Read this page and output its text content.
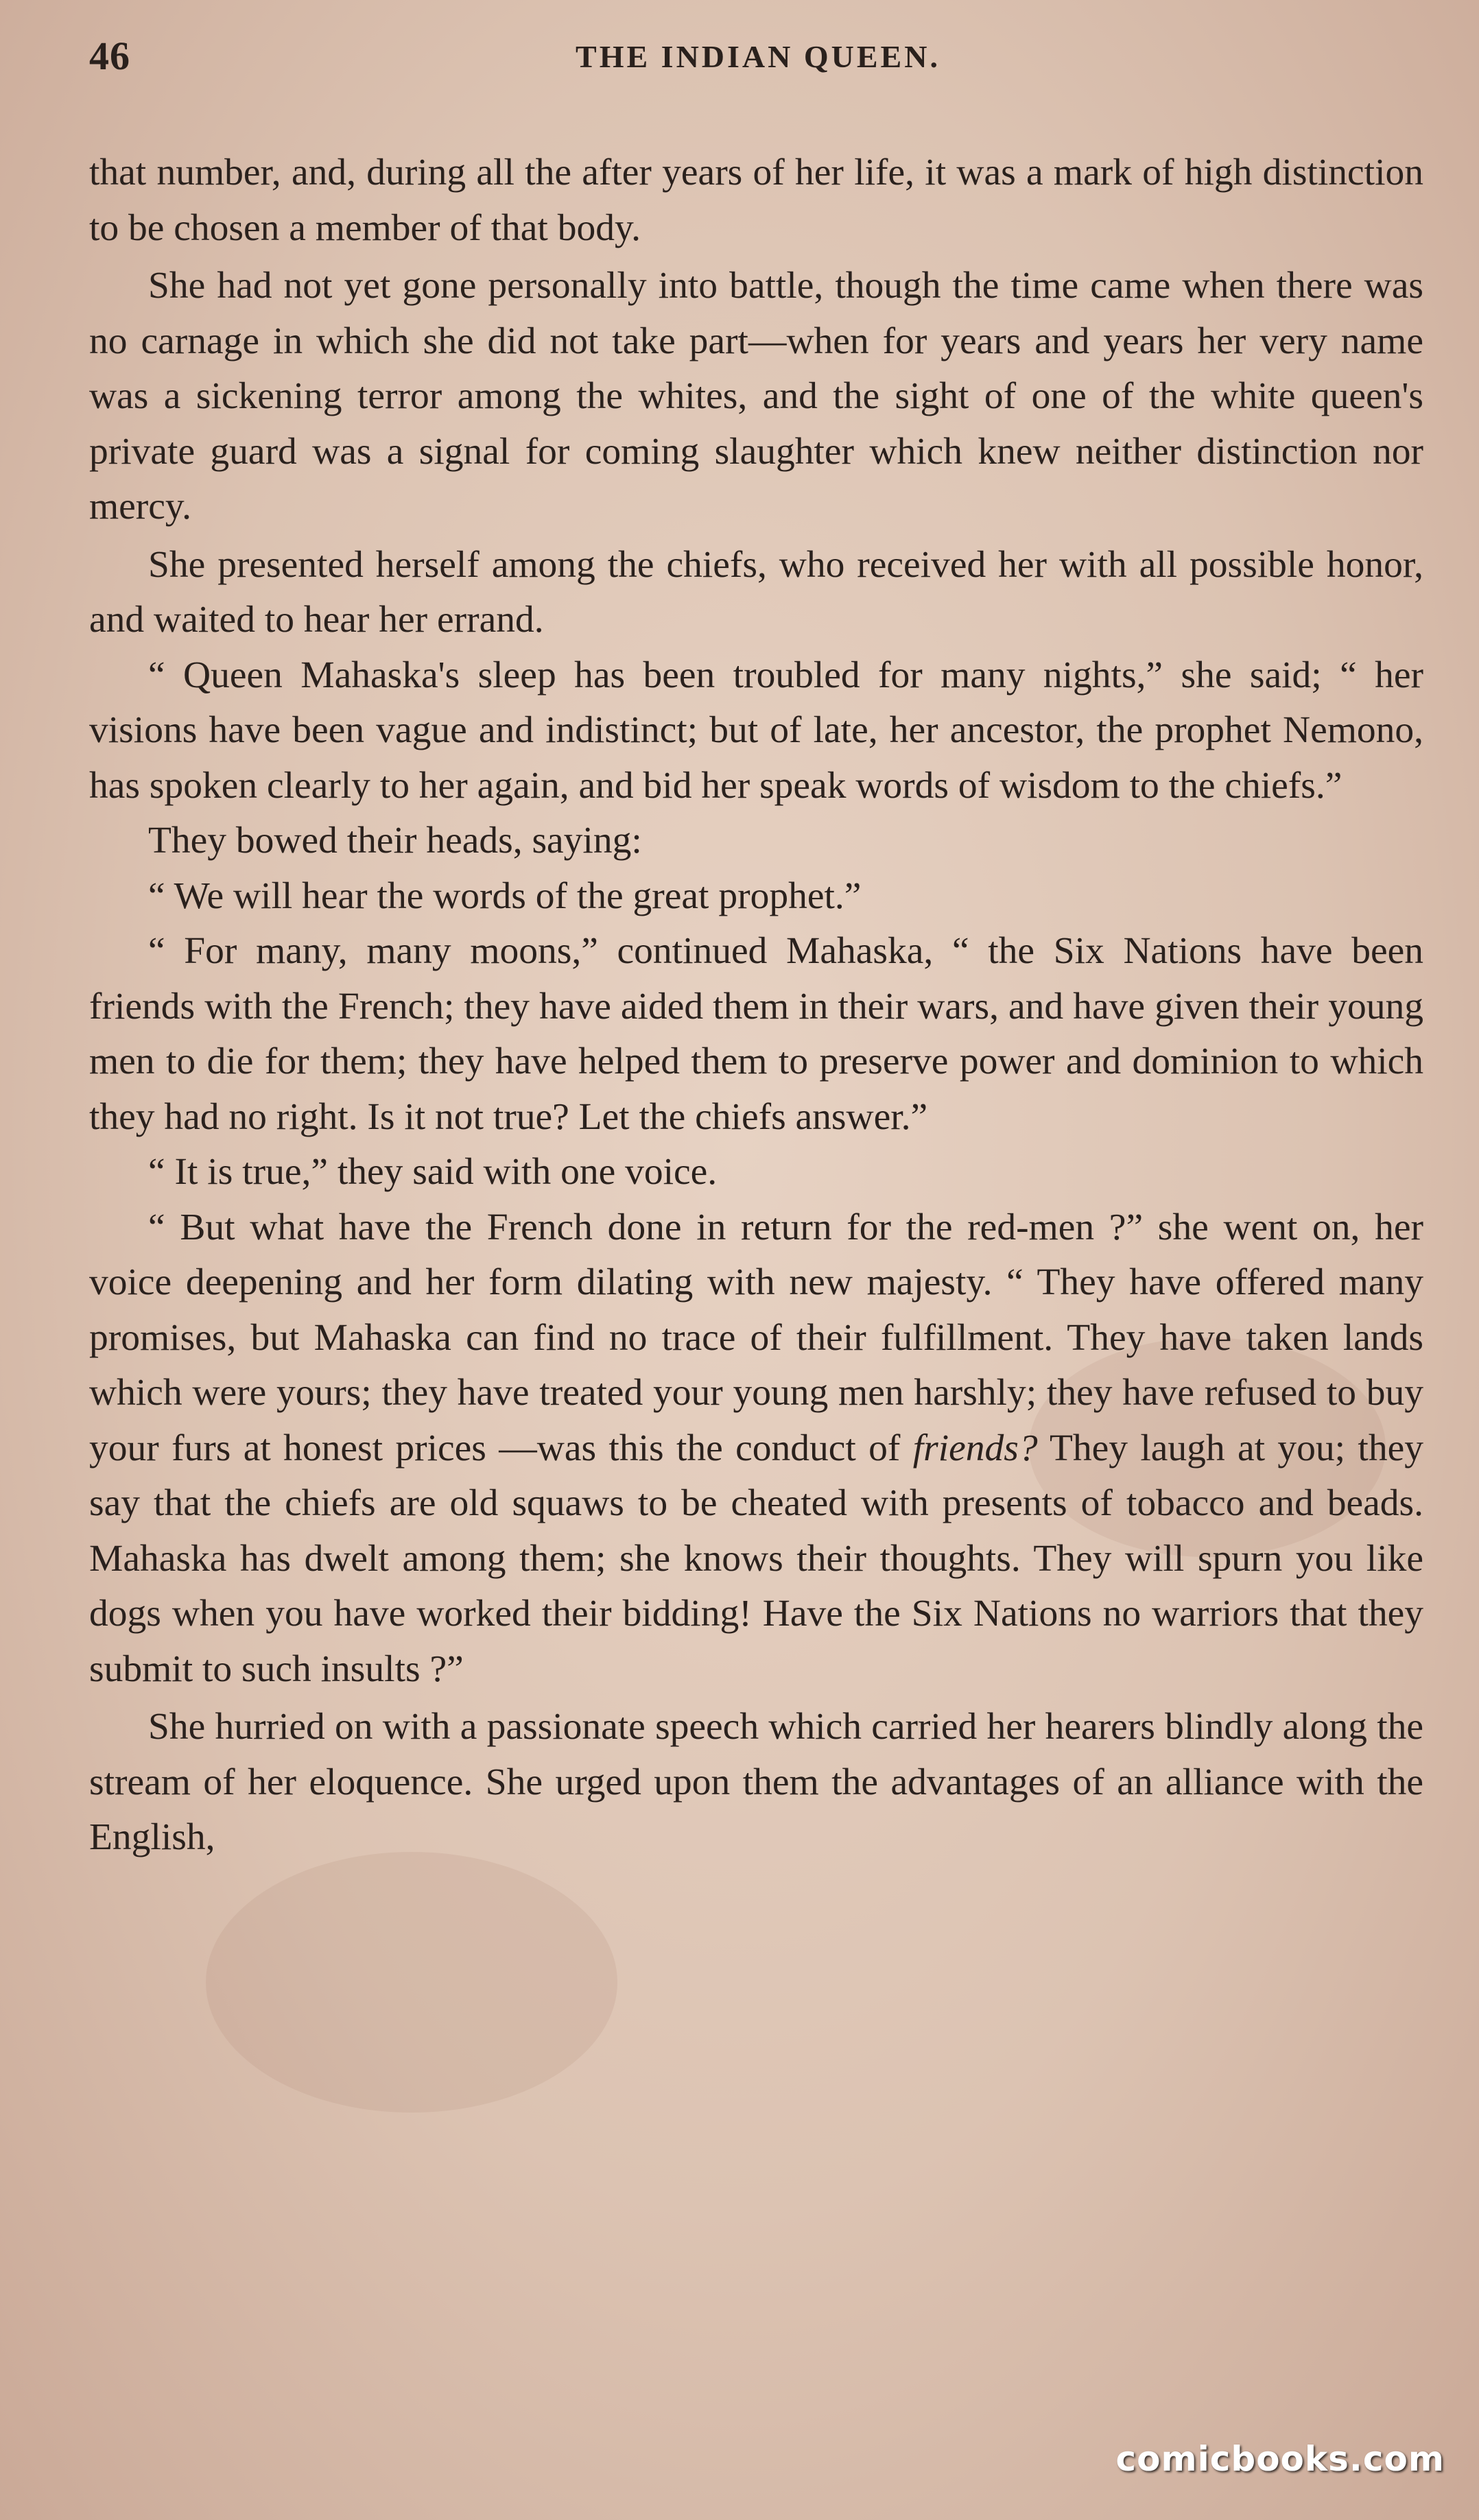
46	THE INDIAN QUEEN.

that number, and, during all the after years of her life, it was a mark of high distinction to be chosen a member of that body.

She had not yet gone personally into battle, though the time came when there was no carnage in which she did not take part—when for years and years her very name was a sickening terror among the whites, and the sight of one of the white queen's private guard was a signal for coming slaughter which knew neither distinction nor mercy.

She presented herself among the chiefs, who received her with all possible honor, and waited to hear her errand.

“ Queen Mahaska's sleep has been troubled for many nights,” she said; “ her visions have been vague and indistinct; but of late, her ancestor, the prophet Nemono, has spoken clearly to her again, and bid her speak words of wisdom to the chiefs.”

They bowed their heads, saying:

“ We will hear the words of the great prophet.”

“ For many, many moons,” continued Mahaska, “ the Six Nations have been friends with the French; they have aided them in their wars, and have given their young men to die for them; they have helped them to preserve power and dominion to which they had no right. Is it not true? Let the chiefs answer.”

“ It is true,” they said with one voice.

“ But what have the French done in return for the red-men ?” she went on, her voice deepening and her form dilating with new majesty. “ They have offered many promises, but Mahaska can find no trace of their fulfillment. They have taken lands which were yours; they have treated your young men harshly; they have refused to buy your furs at honest prices —was this the conduct of friends? They laugh at you; they say that the chiefs are old squaws to be cheated with presents of tobacco and beads. Mahaska has dwelt among them; she knows their thoughts. They will spurn you like dogs when you have worked their bidding! Have the Six Nations no warriors that they submit to such insults ?”

She hurried on with a passionate speech which carried her hearers blindly along the stream of her eloquence. She urged upon them the advantages of an alliance with the English,

comicbooks.com
